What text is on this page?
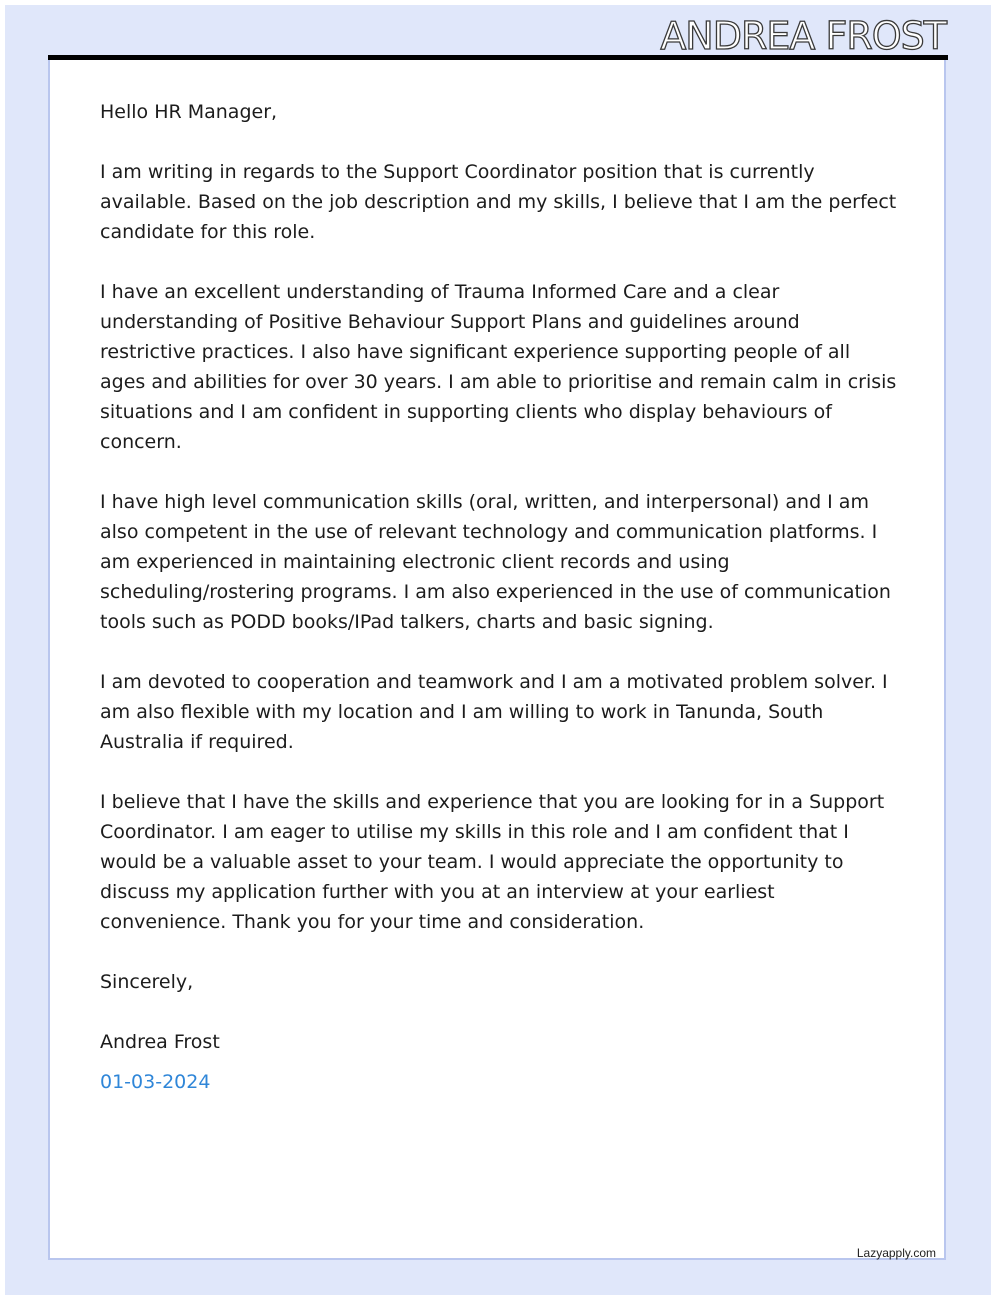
ANDREA FROST

Hello HR Manager,

I am writing in regards to the Support Coordinator position that is currently available. Based on the job description and my skills, I believe that I am the perfect candidate for this role.

I have an excellent understanding of Trauma Informed Care and a clear understanding of Positive Behaviour Support Plans and guidelines around restrictive practices. I also have significant experience supporting people of all ages and abilities for over 30 years. I am able to prioritise and remain calm in crisis situations and I am confident in supporting clients who display behaviours of concern.

I have high level communication skills (oral, written, and interpersonal) and I am also competent in the use of relevant technology and communication platforms. I am experienced in maintaining electronic client records and using scheduling/rostering programs. I am also experienced in the use of communication tools such as PODD books/IPad talkers, charts and basic signing.

I am devoted to cooperation and teamwork and I am a motivated problem solver. I am also flexible with my location and I am willing to work in Tanunda, South Australia if required.

I believe that I have the skills and experience that you are looking for in a Support Coordinator. I am eager to utilise my skills in this role and I am confident that I would be a valuable asset to your team. I would appreciate the opportunity to discuss my application further with you at an interview at your earliest convenience. Thank you for your time and consideration.

Sincerely,

Andrea Frost

01-03-2024

Lazyapply.com
